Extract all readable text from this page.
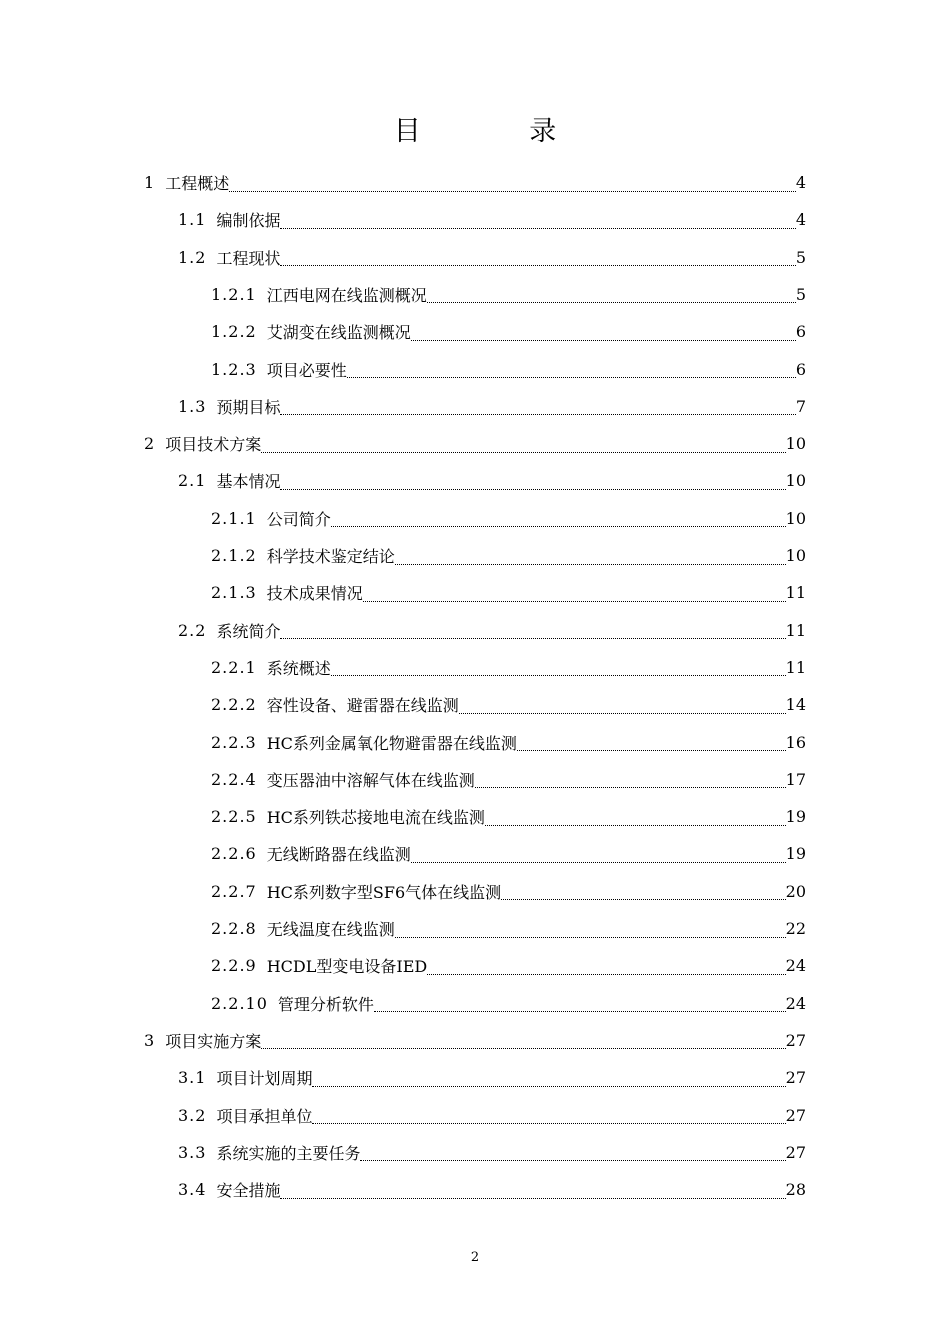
目 录
1 工程概述	4
1.1 编制依据	4
1.2 工程现状	5
1.2.1 江西电网在线监测概况	5
1.2.2 艾湖变在线监测概况	6
1.2.3 项目必要性	6
1.3 预期目标	7
2 项目技术方案	10
2.1 基本情况	10
2.1.1 公司简介	10
2.1.2 科学技术鉴定结论	10
2.1.3 技术成果情况	11
2.2 系统简介	11
2.2.1 系统概述	11
2.2.2 容性设备、避雷器在线监测	14
2.2.3 HC系列金属氧化物避雷器在线监测	16
2.2.4 变压器油中溶解气体在线监测	17
2.2.5 HC系列铁芯接地电流在线监测	19
2.2.6 无线断路器在线监测	19
2.2.7 HC系列数字型SF6气体在线监测	20
2.2.8 无线温度在线监测	22
2.2.9 HCDL型变电设备IED	24
2.2.10 管理分析软件	24
3 项目实施方案	27
3.1 项目计划周期	27
3.2 项目承担单位	27
3.3 系统实施的主要任务	27
3.4 安全措施	28
2
